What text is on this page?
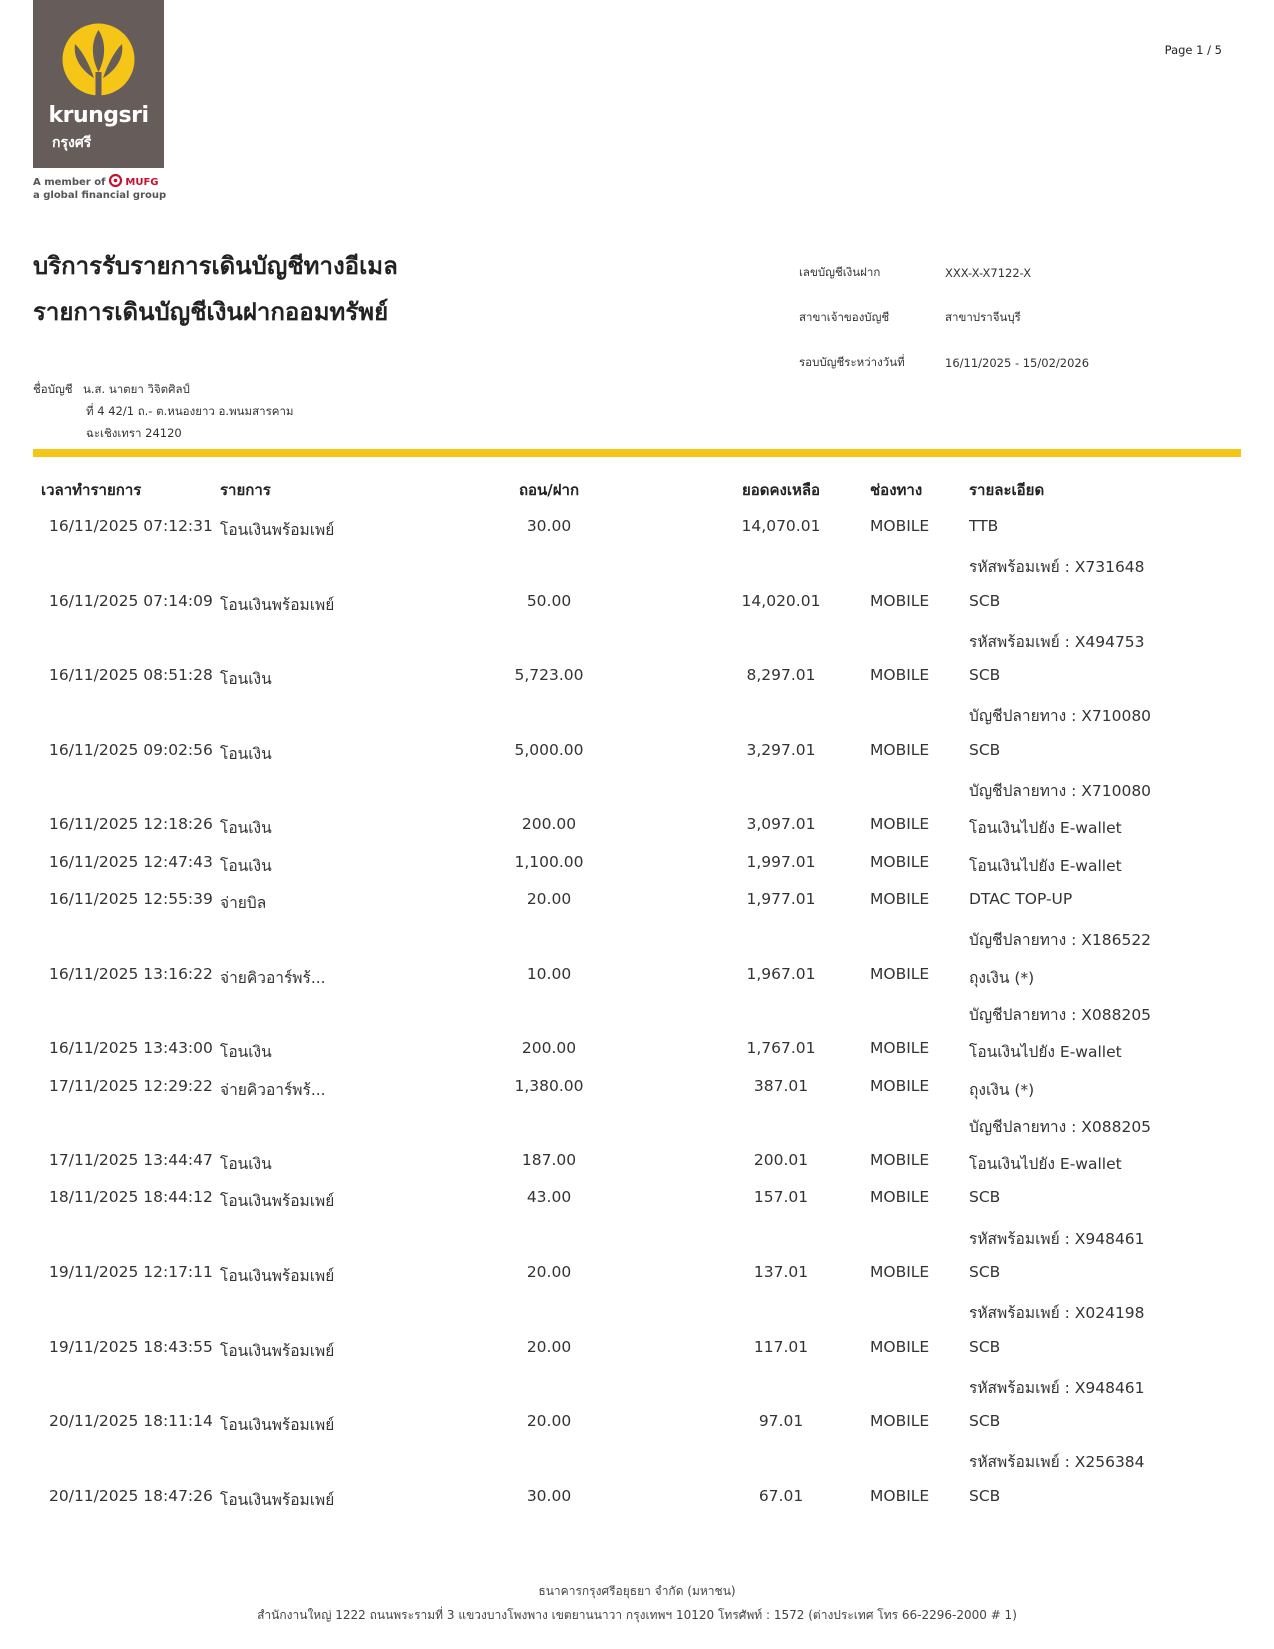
krungsri
กรุงศรี
A member of MUFG
a global financial group
Page 1 / 5
บริการรับรายการเดินบัญชีทางอีเมล
รายการเดินบัญชีเงินฝากออมทรัพย์
เลขบัญชีเงินฝาก	XXX-X-X7122-X
สาขาเจ้าของบัญชี	สาขาปราจีนบุรี
รอบบัญชีระหว่างวันที่	16/11/2025 - 15/02/2026
ชื่อบัญชี น.ส. นาตยา วิจิตศิลป์
ที่ 4 42/1 ถ.- ต.หนองยาว อ.พนมสารคาม
ฉะเชิงเทรา 24120
เวลาทำรายการ	รายการ	ถอน/ฝาก	ยอดคงเหลือ	ช่องทาง	รายละเอียด
16/11/2025 07:12:31 โอนเงินพร้อมเพย์	30.00	14,070.01	MOBILE	TTB
รหัสพร้อมเพย์ : X731648
16/11/2025 07:14:09 โอนเงินพร้อมเพย์	50.00	14,020.01	MOBILE	SCB
รหัสพร้อมเพย์ : X494753
16/11/2025 08:51:28 โอนเงิน	5,723.00	8,297.01	MOBILE	SCB
บัญชีปลายทาง : X710080
16/11/2025 09:02:56 โอนเงิน	5,000.00	3,297.01	MOBILE	SCB
บัญชีปลายทาง : X710080
16/11/2025 12:18:26 โอนเงิน	200.00	3,097.01	MOBILE	โอนเงินไปยัง E-wallet
16/11/2025 12:47:43 โอนเงิน	1,100.00	1,997.01	MOBILE	โอนเงินไปยัง E-wallet
16/11/2025 12:55:39 จ่ายบิล	20.00	1,977.01	MOBILE	DTAC TOP-UP
บัญชีปลายทาง : X186522
16/11/2025 13:16:22 จ่ายคิวอาร์พร้...	10.00	1,967.01	MOBILE	ถุงเงิน (*)
บัญชีปลายทาง : X088205
16/11/2025 13:43:00 โอนเงิน	200.00	1,767.01	MOBILE	โอนเงินไปยัง E-wallet
17/11/2025 12:29:22 จ่ายคิวอาร์พร้...	1,380.00	387.01	MOBILE	ถุงเงิน (*)
บัญชีปลายทาง : X088205
17/11/2025 13:44:47 โอนเงิน	187.00	200.01	MOBILE	โอนเงินไปยัง E-wallet
18/11/2025 18:44:12 โอนเงินพร้อมเพย์	43.00	157.01	MOBILE	SCB
รหัสพร้อมเพย์ : X948461
19/11/2025 12:17:11 โอนเงินพร้อมเพย์	20.00	137.01	MOBILE	SCB
รหัสพร้อมเพย์ : X024198
19/11/2025 18:43:55 โอนเงินพร้อมเพย์	20.00	117.01	MOBILE	SCB
รหัสพร้อมเพย์ : X948461
20/11/2025 18:11:14 โอนเงินพร้อมเพย์	20.00	97.01	MOBILE	SCB
รหัสพร้อมเพย์ : X256384
20/11/2025 18:47:26 โอนเงินพร้อมเพย์	30.00	67.01	MOBILE	SCB
ธนาคารกรุงศรีอยุธยา จำกัด (มหาชน)
สำนักงานใหญ่ 1222 ถนนพระรามที่ 3 แขวงบางโพงพาง เขตยานนาวา กรุงเทพฯ 10120 โทรศัพท์ : 1572 (ต่างประเทศ โทร 66-2296-2000 # 1)
